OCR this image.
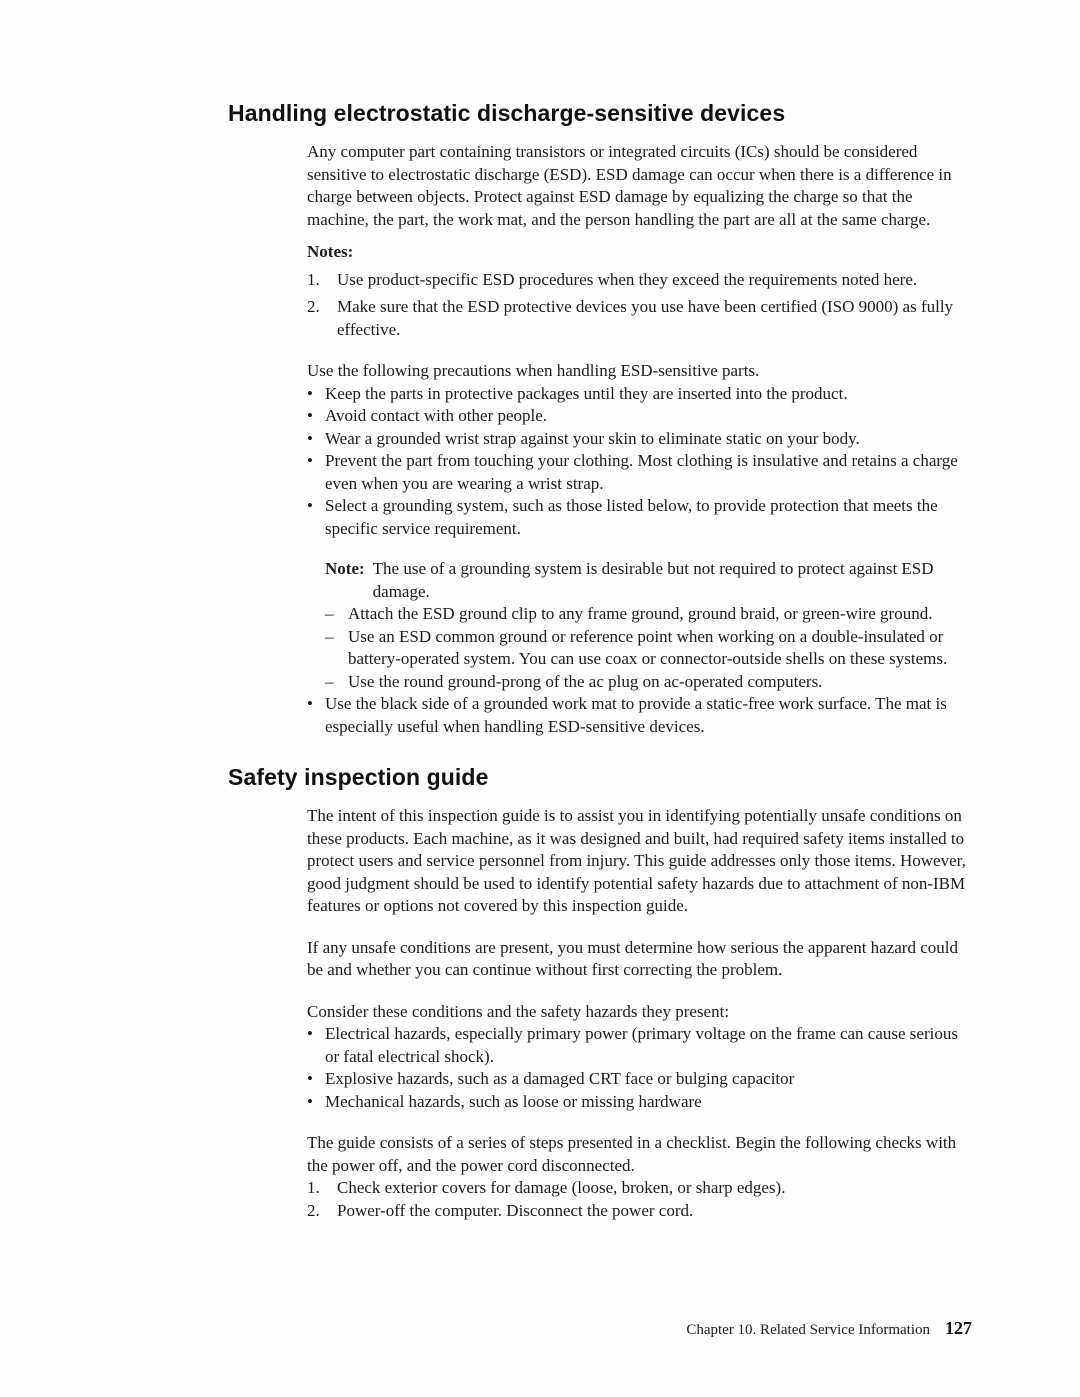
Handling electrostatic discharge-sensitive devices

Any computer part containing transistors or integrated circuits (ICs) should be considered sensitive to electrostatic discharge (ESD). ESD damage can occur when there is a difference in charge between objects. Protect against ESD damage by equalizing the charge so that the machine, the part, the work mat, and the person handling the part are all at the same charge.

Notes:

1.	Use product-specific ESD procedures when they exceed the requirements noted here.
2.	Make sure that the ESD protective devices you use have been certified (ISO 9000) as fully effective.

Use the following precautions when handling ESD-sensitive parts.

• Keep the parts in protective packages until they are inserted into the product.
• Avoid contact with other people.
• Wear a grounded wrist strap against your skin to eliminate static on your body.
• Prevent the part from touching your clothing. Most clothing is insulative and retains a charge even when you are wearing a wrist strap.
• Select a grounding system, such as those listed below, to provide protection that meets the specific service requirement.
Note: The use of a grounding system is desirable but not required to protect against ESD damage.
– Attach the ESD ground clip to any frame ground, ground braid, or green-wire ground.
– Use an ESD common ground or reference point when working on a double-insulated or battery-operated system. You can use coax or connector-outside shells on these systems.
– Use the round ground-prong of the ac plug on ac-operated computers.
• Use the black side of a grounded work mat to provide a static-free work surface. The mat is especially useful when handling ESD-sensitive devices.
Safety inspection guide

The intent of this inspection guide is to assist you in identifying potentially unsafe conditions on these products. Each machine, as it was designed and built, had required safety items installed to protect users and service personnel from injury. This guide addresses only those items. However, good judgment should be used to identify potential safety hazards due to attachment of non-IBM features or options not covered by this inspection guide.

If any unsafe conditions are present, you must determine how serious the apparent hazard could be and whether you can continue without first correcting the problem.

Consider these conditions and the safety hazards they present:

• Electrical hazards, especially primary power (primary voltage on the frame can cause serious or fatal electrical shock).
• Explosive hazards, such as a damaged CRT face or bulging capacitor
• Mechanical hazards, such as loose or missing hardware

The guide consists of a series of steps presented in a checklist. Begin the following checks with the power off, and the power cord disconnected.

1.	Check exterior covers for damage (loose, broken, or sharp edges).
2.	Power-off the computer. Disconnect the power cord.
Chapter 10. Related Service Information 127
